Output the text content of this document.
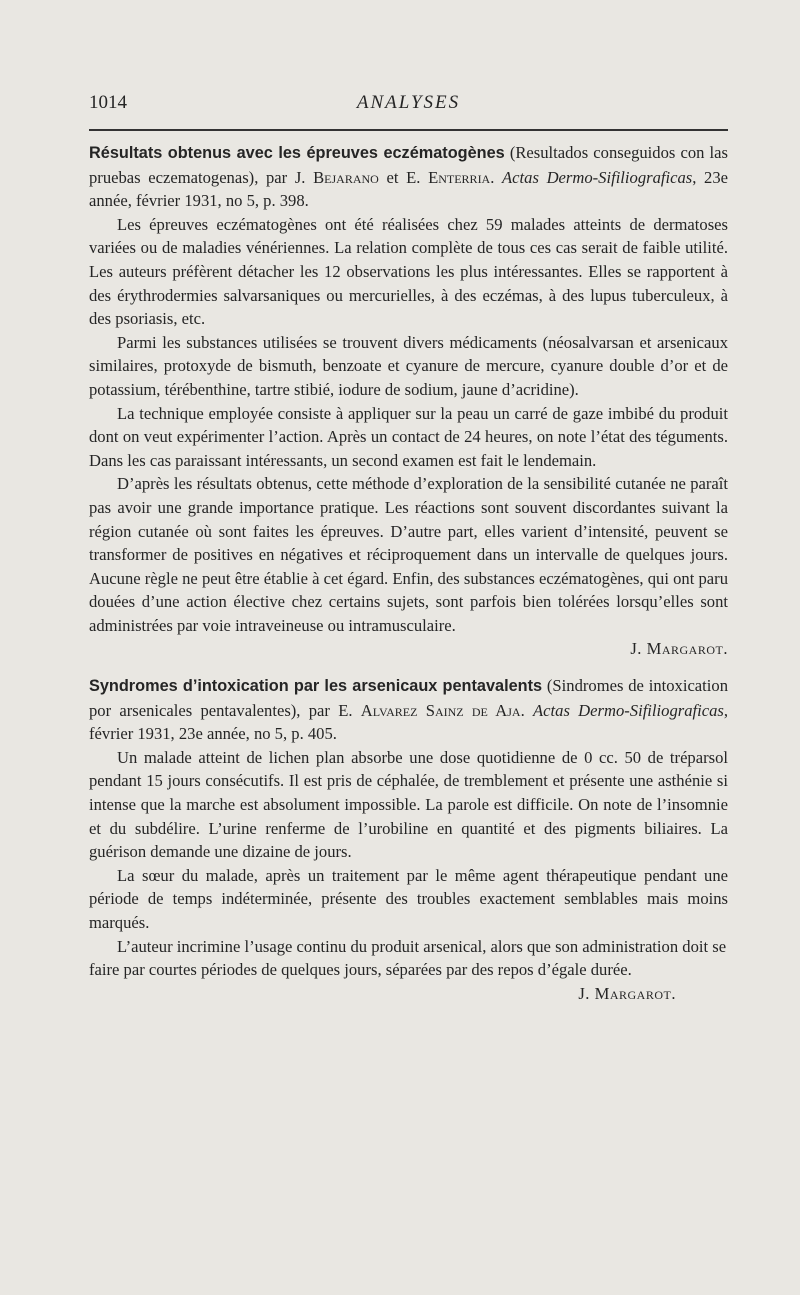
1014	ANALYSES

Résultats obtenus avec les épreuves eczématogènes (Resultados conseguidos con las pruebas eczematogenas), par J. Bejarano et E. Enterria. Actas Dermo-Sifiliograficas, 23e année, février 1931, no 5, p. 398.

Les épreuves eczématogènes ont été réalisées chez 59 malades atteints de dermatoses variées ou de maladies vénériennes. La relation complète de tous ces cas serait de faible utilité. Les auteurs préfèrent détacher les 12 observations les plus intéressantes. Elles se rapportent à des érythrodermies salvarsaniques ou mercurielles, à des eczémas, à des lupus tuberculeux, à des psoriasis, etc.

Parmi les substances utilisées se trouvent divers médicaments (néosalvarsan et arsenicaux similaires, protoxyde de bismuth, benzoate et cyanure de mercure, cyanure double d’or et de potassium, térébenthine, tartre stibié, iodure de sodium, jaune d’acridine).

La technique employée consiste à appliquer sur la peau un carré de gaze imbibé du produit dont on veut expérimenter l’action. Après un contact de 24 heures, on note l’état des téguments. Dans les cas paraissant intéressants, un second examen est fait le lendemain.

D’après les résultats obtenus, cette méthode d’exploration de la sensibilité cutanée ne paraît pas avoir une grande importance pratique. Les réactions sont souvent discordantes suivant la région cutanée où sont faites les épreuves. D’autre part, elles varient d’intensité, peuvent se transformer de positives en négatives et réciproquement dans un intervalle de quelques jours. Aucune règle ne peut être établie à cet égard. Enfin, des substances eczématogènes, qui ont paru douées d’une action élective chez certains sujets, sont parfois bien tolérées lorsqu’elles sont administrées par voie intraveineuse ou intramusculaire.

J. Margarot.

Syndromes d’intoxication par les arsenicaux pentavalents (Sindromes de intoxication por arsenicales pentavalentes), par E. Alvarez Sainz de Aja. Actas Dermo-Sifiliograficas, février 1931, 23e année, no 5, p. 405.

Un malade atteint de lichen plan absorbe une dose quotidienne de 0 cc. 50 de tréparsol pendant 15 jours consécutifs. Il est pris de céphalée, de tremblement et présente une asthénie si intense que la marche est absolument impossible. La parole est difficile. On note de l’insomnie et du subdélire. L’urine renferme de l’urobiline en quantité et des pigments biliaires. La guérison demande une dizaine de jours.

La sœur du malade, après un traitement par le même agent thérapeutique pendant une période de temps indéterminée, présente des troubles exactement semblables mais moins marqués.

L’auteur incrimine l’usage continu du produit arsenical, alors que son administration doit se faire par courtes périodes de quelques jours, séparées par des repos d’égale durée.
J. Margarot.
